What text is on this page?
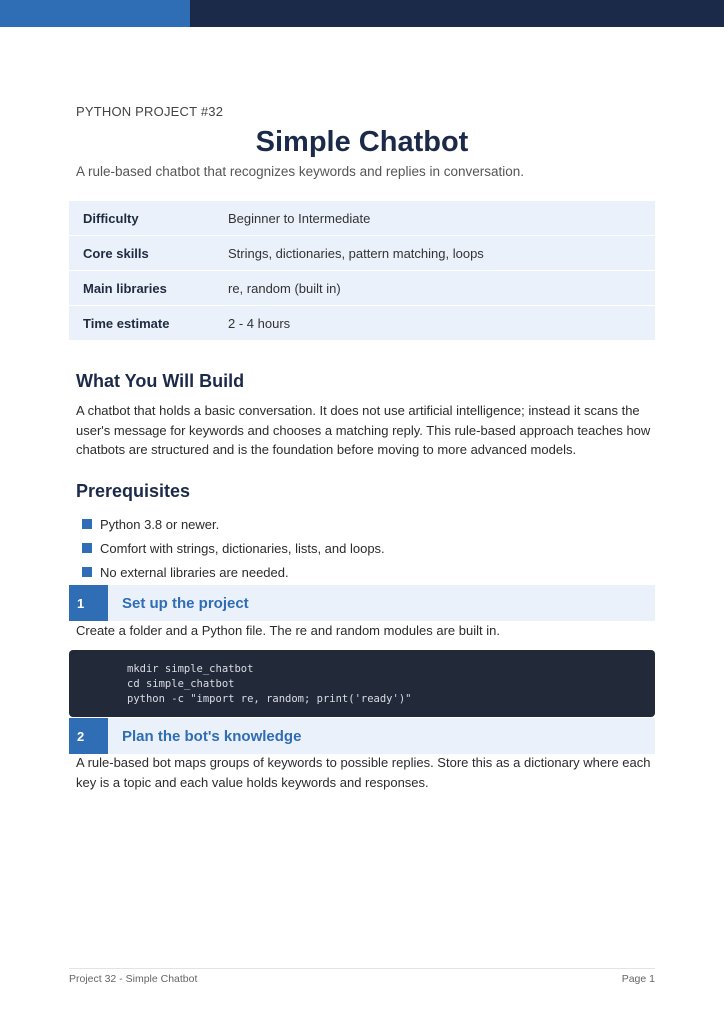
PYTHON PROJECT #32
Simple Chatbot
A rule-based chatbot that recognizes keywords and replies in conversation.
Difficulty	Beginner to Intermediate
Core skills	Strings, dictionaries, pattern matching, loops
Main libraries	re, random (built in)
Time estimate	2 - 4 hours
What You Will Build
A chatbot that holds a basic conversation. It does not use artificial intelligence; instead it scans the user's message for keywords and chooses a matching reply. This rule-based approach teaches how chatbots are structured and is the foundation before moving to more advanced models.
Prerequisites
Python 3.8 or newer.
Comfort with strings, dictionaries, lists, and loops.
No external libraries are needed.
1	Set up the project
Create a folder and a Python file. The re and random modules are built in.
mkdir simple_chatbot
cd simple_chatbot
python -c "import re, random; print('ready')"
2	Plan the bot's knowledge
A rule-based bot maps groups of keywords to possible replies. Store this as a dictionary where each key is a topic and each value holds keywords and responses.
Project 32 - Simple Chatbot	Page 1
